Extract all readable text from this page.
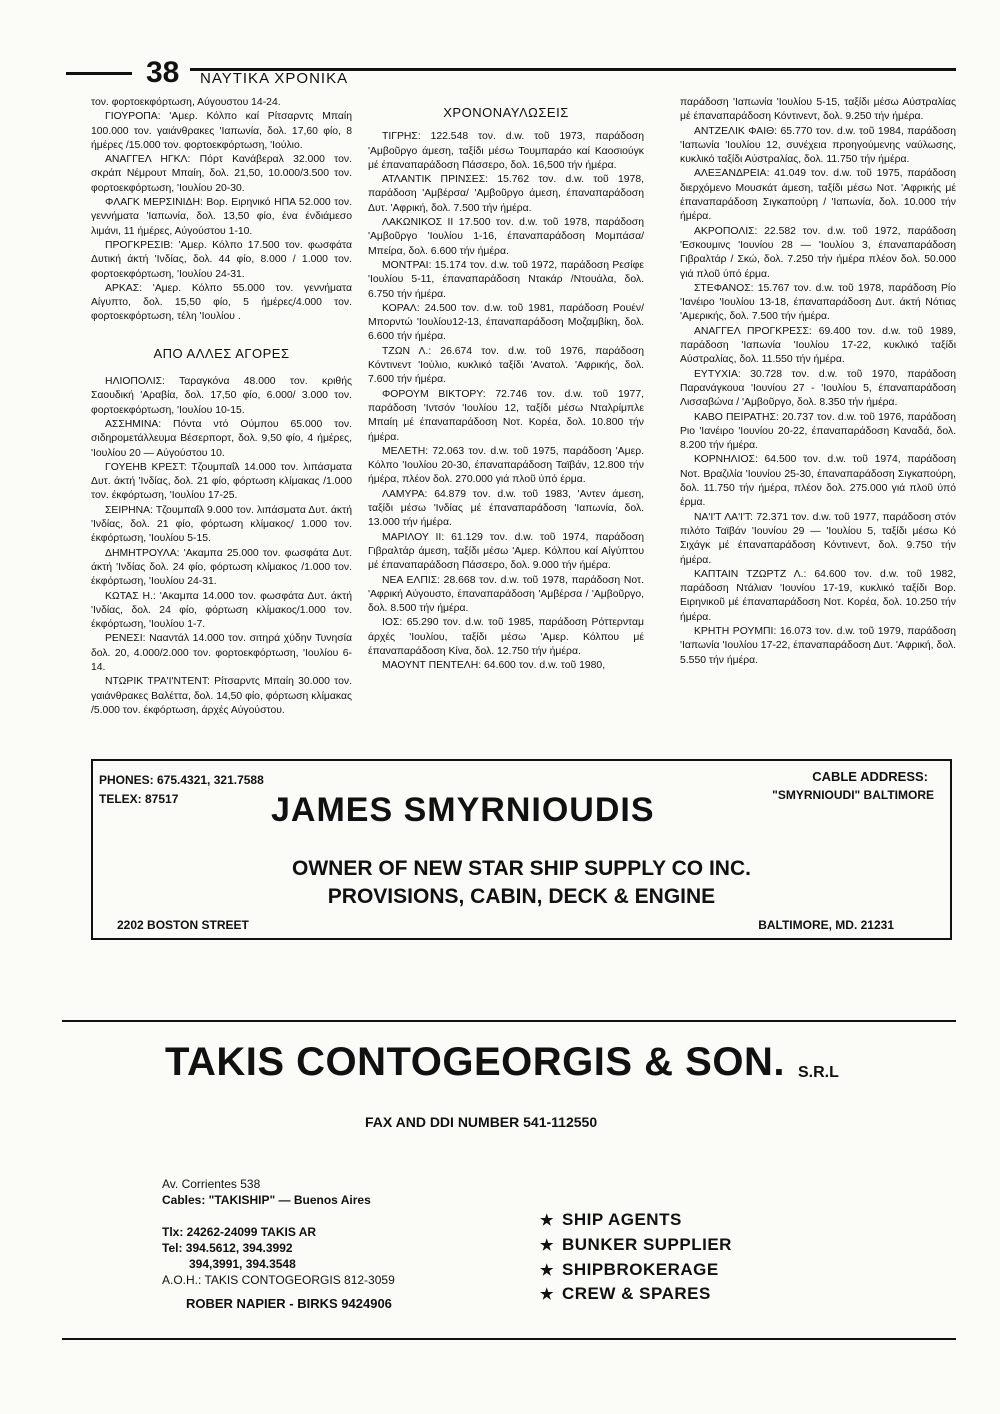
38 ΝΑΥΤΙΚΑ ΧΡΟΝΙΚΑ

τον. φορτοεκφόρτωση, Αύγουστου 14-24.

ΓΙΟΥΡΟΠΑ: 'Αμερ. Κόλπο καί Ρίτσαρντς Μπαίη 100.000 τον. γαιάνθρακες 'Ιαπωνία, δολ. 17,60 φίο, 8 ήμέρες /15.000 τον. φορτοεκφόρτωση, 'Ιούλιο.

ΑΝΑΓΓΕΛ ΗΓΚΛ: Πόρτ Κανάβεραλ 32.000 τον. σκράπ Νέμρουτ Μπαίη, δολ. 21,50, 10.000/3.500 τον. φορτοεκφόρτωση, 'Ιουλίου 20-30.

ΦΛΑΓΚ ΜΕΡΣΙΝΙΔΗ: Βορ. Ειρηνικό ΗΠΑ 52.000 τον. γεννήματα 'Ιαπωνία, δολ. 13,50 φίο, ένα ένδιάμεσο λιμάνι, 11 ήμέρες, Αύγούστου 1-10.

ΠΡΟΓΚΡΕΣΙΒ: 'Αμερ. Κόλπο 17.500 τον. φωσφάτα Δυτική άκτή 'Ινδίας, δολ. 44 φίο, 8.000 / 1.000 τον. φορτοεκφόρτωση, 'Ιουλίου 24-31.

ΑΡΚΑΣ: 'Αμερ. Κόλπο 55.000 τον. γεννήματα Αίγυπτο, δολ. 15,50 φίο, 5 ήμέρες/4.000 τον. φορτοεκφόρτωση, τέλη 'Ιουλίου .

ΑΠΟ ΑΛΛΕΣ ΑΓΟΡΕΣ

ΗΛΙΟΠΟΛΙΣ: Ταραγκόνα 48.000 τον. κριθής Σαουδική 'Αραβία, δολ. 17,50 φίο, 6.000/ 3.000 τον. φορτοεκφόρτωση, 'Ιουλίου 10-15.

ΑΣΣΗΜΙΝΑ: Πόντα ντό Ούμπου 65.000 τον. σιδηρομετάλλευμα Βέσερπορτ, δολ. 9,50 φίο, 4 ήμέρες, 'Ιουλίου 20 — Αύγούστου 10.

ΓΟΥΕΗΒ ΚΡΕΣΤ: Τζουμπαΐλ 14.000 τον. λιπάσματα Δυτ. άκτή 'Ινδίας, δολ. 21 φίο, φόρτωση κλίμακας /1.000 τον. έκφόρτωση, 'Ιουλίου 17-25.

ΣΕΙΡΗΝΑ: Τζουμπαΐλ 9.000 τον. λιπάσματα Δυτ. άκτή 'Ινδίας, δολ. 21 φίο, φόρτωση κλίμακος/ 1.000 τον. έκφόρτωση, 'Ιουλίου 5-15.

ΔΗΜΗΤΡΟΥΛΑ: 'Ακαμπα 25.000 τον. φωσφάτα Δυτ. άκτή 'Ινδίας δολ. 24 φίο, φόρτωση κλίμακος /1.000 τον. έκφόρτωση, 'Ιουλίου 24-31.

ΚΩΤΑΣ Η.: 'Ακαμπα 14.000 τον. φωσφάτα Δυτ. άκτή 'Ινδίας, δολ. 24 φίο, φόρτωση κλίμακος/1.000 τον. έκφόρτωση, 'Ιουλίου 1-7.

ΡΕΝΕΣΙ: Νααντάλ 14.000 τον. σιτηρά χύδην Τυνησία δολ. 20, 4.000/2.000 τον. φορτοεκφόρτωση, 'Ιουλίου 6-14.

ΝΤΩΡΙΚ ΤΡΑ'Ι'ΝΤΕΝΤ: Ρίτσαρντς Μπαίη 30.000 τον. γαιάνθρακες Βαλέττα, δολ. 14,50 φίο, φόρτωση κλίμακας /5.000 τον. έκφόρτωση, άρχές Αύγούστου.

ΧΡΟΝΟΝΑΥΛΩΣΕΙΣ

ΤΙΓΡΗΣ: 122.548 τον. d.w. τοῦ 1973, παράδοση 'Αμβοῦργο άμεση, ταξίδι μέσω Τουμπαράο καί Καοσιούγκ μέ έπαναπαράδοση Πάσσερο, δολ. 16,500 τήν ήμέρα.

ΑΤΛΑΝΤΙΚ ΠΡΙΝΣΕΣ: 15.762 τον. d.w. τοῦ 1978, παράδοση 'Αμβέρσα/ 'Αμβοῦργο άμεση, έπαναπαράδοση Δυτ. 'Αφρική, δολ. 7.500 τήν ήμέρα.

ΛΑΚΩΝΙΚΟΣ ΙΙ 17.500 τον. d.w. τοῦ 1978, παράδοση 'Αμβοῦργο 'Ιουλίου 1-16, έπαναπαράδοση Μομπάσα/ Μπείρα, δολ. 6.600 τήν ήμέρα.

ΜΟΝΤΡΑΙ: 15.174 τον. d.w. τοῦ 1972, παράδοση Ρεσίφε 'Ιουλίου 5-11, έπαναπαράδοση Ντακάρ /Ντουάλα, δολ. 6.750 τήν ήμέρα.

ΚΟΡΑΛ: 24.500 τον. d.w. τοῦ 1981, παράδοση Ρουέν/ Μπορντώ 'Ιουλίου12-13, έπαναπαράδοση Μοζαμβίκη, δολ. 6.600 τήν ήμέρα.

ΤΖΩΝ Λ.: 26.674 τον. d.w. τοῦ 1976, παράδοση Κόντινεντ 'Ιούλιο, κυκλικό ταξίδι 'Ανατολ. 'Αφρικής, δολ. 7.600 τήν ήμέρα.

ΦΟΡΟΥΜ ΒΙΚΤΟΡΥ: 72.746 τον. d.w. τοῦ 1977, παράδοση 'Ιντσόν 'Ιουλίου 12, ταξίδι μέσω Νταλρίμπλε Μπαίη μέ έπαναπαράδοση Νοτ. Κορέα, δολ. 10.800 τήν ήμέρα.

ΜΕΛΕΤΗ: 72.063 τον. d.w. τοῦ 1975, παράδοση 'Αμερ. Κόλπο 'Ιουλίου 20-30, έπαναπαράδοση Ταϊβάν, 12.800 τήν ήμέρα, πλέον δολ. 270.000 γιά πλοῦ ύπό έρμα.

ΛΑΜΥΡΑ: 64.879 τον. d.w. τοῦ 1983, 'Αντεν άμεση, ταξίδι μέσω 'Ινδίας μέ έπαναπαράδοση 'Ιαπωνία, δολ. 13.000 τήν ήμέρα.

ΜΑΡΙΛΟΥ ΙΙ: 61.129 τον. d.w. τοῦ 1974, παράδοση Γιβραλτάρ άμεση, ταξίδι μέσω 'Αμερ. Κόλπου καί Αίγύπτου μέ έπαναπαράδοση Πάσσερο, δολ. 9.000 τήν ήμέρα.

ΝΕΑ ΕΛΠΙΣ: 28.668 τον. d.w. τοῦ 1978, παράδοση Νοτ. 'Αφρική Αύγουστο, έπαναπαράδοση 'Αμβέρσα / 'Αμβοῦργο, δολ. 8.500 τήν ήμέρα.

ΙΟΣ: 65.290 τον. d.w. τοῦ 1985, παράδοση Ρόττερνταμ άρχές 'Ιουλίου, ταξίδι μέσω 'Αμερ. Κόλπου μέ έπαναπαράδοση Κίνα, δολ. 12.750 τήν ήμέρα.

ΜΑΟΥΝΤ ΠΕΝΤΕΛΗ: 64.600 τον. d.w. τοῦ 1980,

παράδοση 'Ιαπωνία 'Ιουλίου 5-15, ταξίδι μέσω Αύστραλίας μέ έπαναπαράδοση Κόντινεντ, δολ. 9.250 τήν ήμέρα.

ΑΝΤΖΕΛΙΚ ΦΑΙΘ: 65.770 τον. d.w. τοῦ 1984, παράδοση 'Ιαπωνία 'Ιουλίου 12, συνέχεια προηγούμενης ναύλωσης, κυκλικό ταξίδι Αύστραλίας, δολ. 11.750 τήν ήμέρα.

ΑΛΕΞΑΝΔΡΕΙΑ: 41.049 τον. d.w. τοῦ 1975, παράδοση διερχόμενο Μουσκάτ άμεση, ταξίδι μέσω Νοτ. 'Αφρικής μέ έπαναπαράδοση Σιγκαπούρη / 'Ιαπωνία, δολ. 10.000 τήν ήμέρα.

ΑΚΡΟΠΟΛΙΣ: 22.582 τον. d.w. τοῦ 1972, παράδοση 'Εσκουμινς 'Ιουνίου 28 — 'Ιουλίου 3, έπαναπαράδοση Γιβραλτάρ / Σκώ, δολ. 7.250 τήν ήμέρα πλέον δολ. 50.000 γιά πλοῦ ύπό έρμα.

ΣΤΕΦΑΝΟΣ: 15.767 τον. d.w. τοῦ 1978, παράδοση Ρίο 'Ιανέιρο 'Ιουλίου 13-18, έπαναπαράδοση Δυτ. άκτή Νότιας 'Αμερικής, δολ. 7.500 τήν ήμέρα.

ΑΝΑΓΓΕΛ ΠΡΟΓΚΡΕΣΣ: 69.400 τον. d.w. τοῦ 1989, παράδοση 'Ιαπωνία 'Ιουλίου 17-22, κυκλικό ταξίδι Αύστραλίας, δολ. 11.550 τήν ήμέρα.

ΕΥΤΥΧΙΑ: 30.728 τον. d.w. τοῦ 1970, παράδοση Παρανάγκουα 'Ιουνίου 27 - 'Ιουλίου 5, έπαναπαράδοση Λισσαβώνα / 'Αμβοῦργο, δολ. 8.350 τήν ήμέρα.

ΚΑΒΟ ΠΕΙΡΑΤΗΣ: 20.737 τον. d.w. τοῦ 1976, παράδοση Ριο 'Ιανέιρο 'Ιουνίου 20-22, έπαναπαράδοση Καναδά, δολ. 8.200 τήν ήμέρα.

ΚΟΡΝΗΛΙΟΣ: 64.500 τον. d.w. τοῦ 1974, παράδοση Νοτ. Βραζιλία 'Ιουνίου 25-30, έπαναπαράδοση Σιγκαπούρη, δολ. 11.750 τήν ήμέρα, πλέον δολ. 275.000 γιά πλοῦ ύπό έρμα.

ΝΑ'Ι'Τ ΛΑ'Ι'Τ: 72.371 τον. d.w. τοῦ 1977, παράδοση στόν πιλότο Ταϊβάν 'Ιουνίου 29 — 'Ιουλίου 5, ταξίδι μέσω Κό Σιχάγκ μέ έπαναπαράδοση Κόντινεντ, δολ. 9.750 τήν ήμέρα.

ΚΑΠΤΑΙΝ ΤΖΩΡΤΖ Λ.: 64.600 τον. d.w. τοῦ 1982, παράδοση Ντάλιαν 'Ιουνίου 17-19, κυκλικό ταξίδι Βορ. Ειρηνικοῦ μέ έπαναπαράδοση Νοτ. Κορέα, δολ. 10.250 τήν ήμέρα.

ΚΡΗΤΗ ΡΟΥΜΠΙ: 16.073 τον. d.w. τοῦ 1979, παράδοση 'Ιαπωνία 'Ιουλίου 17-22, έπαναπαράδοση Δυτ. 'Αφρική, δολ. 5.550 τήν ήμέρα.

PHONES: 675.4321, 321.7588
TELEX: 87517
CABLE ADDRESS:
"SMYRNIOUDI" BALTIMORE
JAMES SMYRNIOUDIS
OWNER OF NEW STAR SHIP SUPPLY CO INC.
PROVISIONS, CABIN, DECK & ENGINE
2202 BOSTON STREET	BALTIMORE, MD. 21231
TAKIS CONTOGEORGIS & SON. S.R.L
FAX AND DDI NUMBER 541-112550
Av. Corrientes 538
Cables: "TAKISHIP" — Buenos Aires
Tlx: 24262-24099 TAKIS AR
Tel: 394.5612, 394.3992
394,3991, 394.3548
A.O.H.: TAKIS CONTOGEORGIS 812-3059
ROBER NAPIER - BIRKS 9424906
★ SHIP AGENTS
★ BUNKER SUPPLIER
★ SHIPBROKERAGE
★ CREW & SPARES
